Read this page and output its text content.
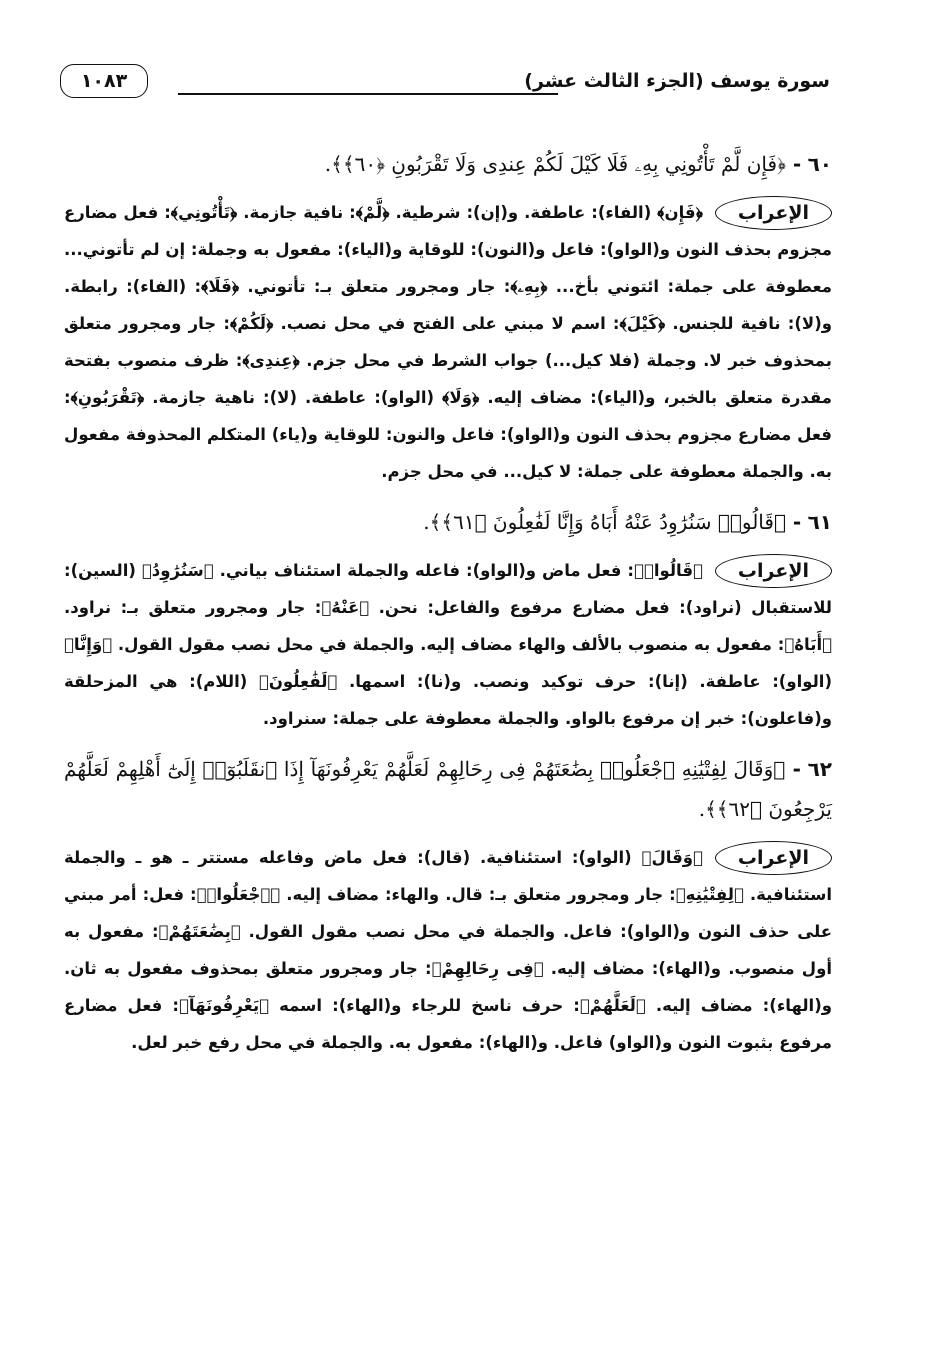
سورة يوسف (الجزء الثالث عشر)
١٠٨٣
٦٠ - ﴿فَإِن لَّمْ تَأْتُونِي بِهِۦ فَلَا كَيْلَ لَكُمْ عِندِى وَلَا تَقْرَبُونِ ﴿٦٠﴾﴾.
الإعراب
﴿فَإِن﴾ (الفاء): عاطفة. و(إن): شرطية. ﴿لَّمْ﴾: نافية جازمة. ﴿تَأْتُونِي﴾: فعل مضارع مجزوم بحذف النون و(الواو): فاعل و(النون): للوقاية و(الياء): مفعول به وجملة: إن لم تأتوني... معطوفة على جملة: ائتوني بأخ... ﴿بِهِۦ﴾: جار ومجرور متعلق بـ: تأتوني. ﴿فَلَا﴾: (الفاء): رابطة. و(لا): نافية للجنس. ﴿كَيْلَ﴾: اسم لا مبني على الفتح في محل نصب. ﴿لَكُمْ﴾: جار ومجرور متعلق بمحذوف خبر لا. وجملة (فلا كيل...) جواب الشرط في محل جزم. ﴿عِندِى﴾: ظرف منصوب بفتحة مقدرة متعلق بالخبر، و(الياء): مضاف إليه. ﴿وَلَا﴾ (الواو): عاطفة. (لا): ناهية جازمة. ﴿تَقْرَبُونِ﴾: فعل مضارع مجزوم بحذف النون و(الواو): فاعل والنون: للوقاية و(ياء) المتكلم المحذوفة مفعول به. والجملة معطوفة على جملة: لا كيل... في محل جزم.
٦١ - ﴿قَالُوا۟ سَنُرَٰوِدُ عَنْهُ أَبَاهُ وَإِنَّا لَفَٰعِلُونَ ﴿٦١﴾﴾.
الإعراب
﴿قَالُوا۟﴾: فعل ماض و(الواو): فاعله والجملة استئناف بياني. ﴿سَنُرَٰوِدُ﴾ (السين): للاستقبال (نراود): فعل مضارع مرفوع والفاعل: نحن. ﴿عَنْهُ﴾: جار ومجرور متعلق بـ: نراود. ﴿أَبَاهُ﴾: مفعول به منصوب بالألف والهاء مضاف إليه. والجملة في محل نصب مقول القول. ﴿وَإِنَّا﴾ (الواو): عاطفة. (إنا): حرف توكيد ونصب. و(نا): اسمها. ﴿لَفَٰعِلُونَ﴾ (اللام): هي المزحلقة و(فاعلون): خبر إن مرفوع بالواو. والجملة معطوفة على جملة: سنراود.
٦٢ - ﴿وَقَالَ لِفِتْيَٰنِهِ ٱجْعَلُوا۟ بِضَٰعَتَهُمْ فِى رِحَالِهِمْ لَعَلَّهُمْ يَعْرِفُونَهَآ إِذَا ٱنقَلَبُوٓا۟ إِلَىٰٓ أَهْلِهِمْ لَعَلَّهُمْ يَرْجِعُونَ ﴿٦٢﴾﴾.
الإعراب
﴿وَقَالَ﴾ (الواو): استئنافية. (قال): فعل ماض وفاعله مستتر ـ هو ـ والجملة استئنافية. ﴿لِفِتْيَٰنِهِ﴾: جار ومجرور متعلق بـ: قال. والهاء: مضاف إليه. ﴿ٱجْعَلُوا۟﴾: فعل: أمر مبني على حذف النون و(الواو): فاعل. والجملة في محل نصب مقول القول. ﴿بِضَٰعَتَهُمْ﴾: مفعول به أول منصوب. و(الهاء): مضاف إليه. ﴿فِى رِحَالِهِمْ﴾: جار ومجرور متعلق بمحذوف مفعول به ثان. و(الهاء): مضاف إليه. ﴿لَعَلَّهُمْ﴾: حرف ناسخ للرجاء و(الهاء): اسمه ﴿يَعْرِفُونَهَآ﴾: فعل مضارع مرفوع بثبوت النون و(الواو) فاعل. و(الهاء): مفعول به. والجملة في محل رفع خبر لعل.
